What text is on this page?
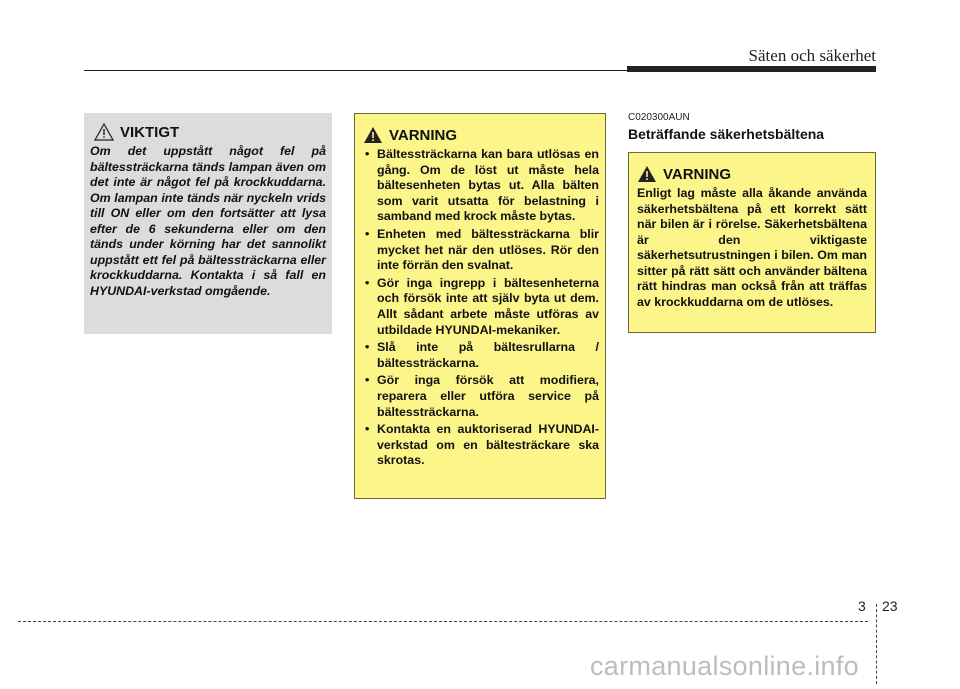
Säten och säkerhet
VIKTIGT

Om det uppstått något fel på bältessträckarna tänds lampan även om det inte är något fel på krockkuddarna. Om lampan inte tänds när nyckeln vrids till ON eller om den fortsätter att lysa efter de 6 sekunderna eller om den tänds under körning har det sannolikt uppstått ett fel på bältessträckarna eller krockkuddarna. Kontakta i så fall en HYUNDAI-verkstad omgående.

VARNING
• Bältessträckarna kan bara utlösas en gång. Om de löst ut måste hela bältesenheten bytas ut. Alla bälten som varit utsatta för belastning i samband med krock måste bytas.
• Enheten med bältessträckarna blir mycket het när den utlöses. Rör den inte förrän den svalnat.
• Gör inga ingrepp i bältesenheterna och försök inte att själv byta ut dem. Allt sådant arbete måste utföras av utbildade HYUNDAI-mekaniker.
• Slå inte på bältesrullarna / bältessträckarna.
• Gör inga försök att modifiera, reparera eller utföra service på bältessträckarna.
• Kontakta en auktoriserad HYUNDAI-verkstad om en bältesträckare ska skrotas.
C020300AUN
Beträffande säkerhetsbältena
VARNING

Enligt lag måste alla åkande använda säkerhetsbältena på ett korrekt sätt när bilen är i rörelse. Säkerhetsbältena är den viktigaste säkerhetsutrustningen i bilen. Om man sitter på rätt sätt och använder bältena rätt hindras man också från att träffas av krockkuddarna om de utlöses.

3 23
carmanualsonline.info
